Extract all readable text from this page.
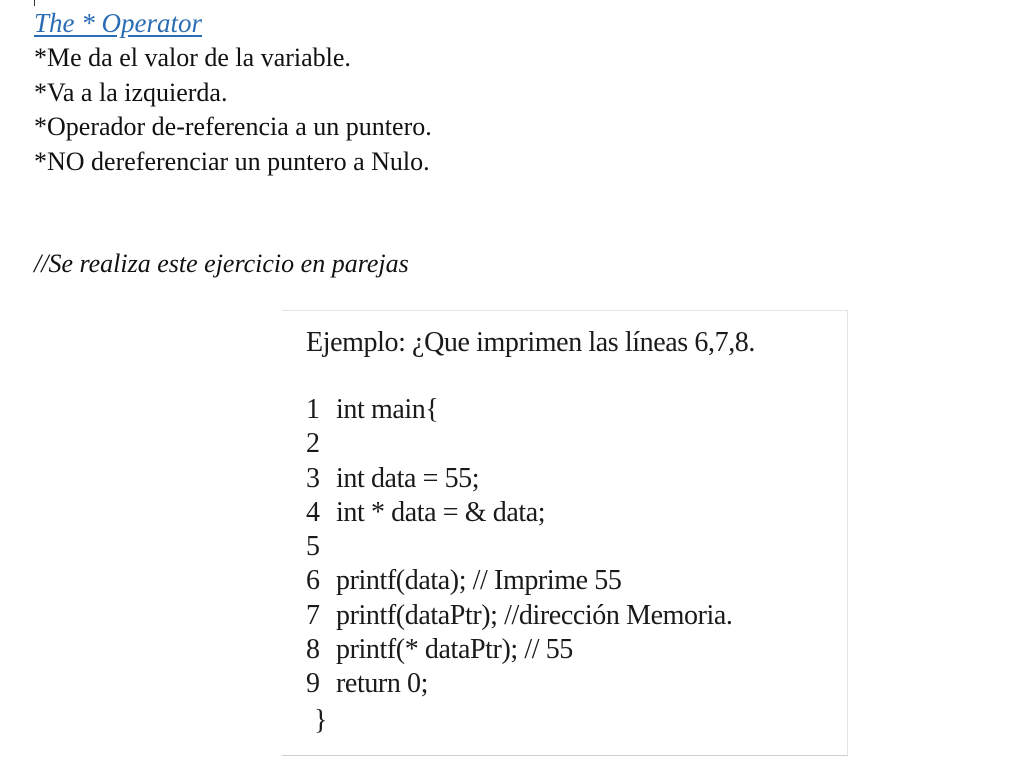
The * Operator
*Me da el valor de la variable.
*Va a la izquierda.
*Operador de-referencia a un puntero.
*NO dereferenciar un puntero a Nulo.
//Se realiza este ejercicio en parejas
Ejemplo: ¿Que imprimen las líneas 6,7,8.
1 int main{
2
3 int data = 55;
4 int * data = & data;
5
6 printf(data); // Imprime 55
7 printf(dataPtr); //dirección Memoria.
8 printf(* dataPtr); // 55
9 return 0;
}
